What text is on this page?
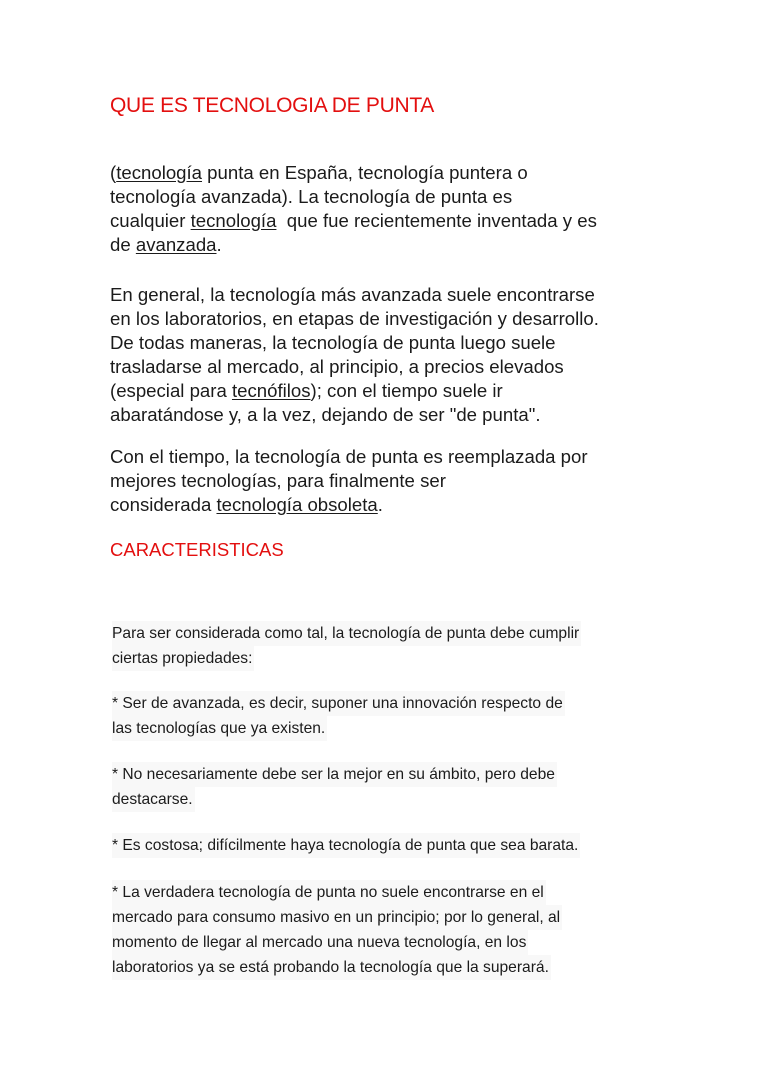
QUE ES TECNOLOGIA DE PUNTA

(tecnología punta en España, tecnología puntera o
tecnología avanzada). La tecnología de punta es
cualquier tecnología  que fue recientemente inventada y es
de avanzada.

En general, la tecnología más avanzada suele encontrarse
en los laboratorios, en etapas de investigación y desarrollo.
De todas maneras, la tecnología de punta luego suele
trasladarse al mercado, al principio, a precios elevados
(especial para tecnófilos); con el tiempo suele ir
abaratándose y, a la vez, dejando de ser "de punta".

Con el tiempo, la tecnología de punta es reemplazada por
mejores tecnologías, para finalmente ser
considerada tecnología obsoleta.

CARACTERISTICAS

Para ser considerada como tal, la tecnología de punta debe cumplir
ciertas propiedades:

* Ser de avanzada, es decir, suponer una innovación respecto de
las tecnologías que ya existen.

* No necesariamente debe ser la mejor en su ámbito, pero debe
destacarse.

* Es costosa; difícilmente haya tecnología de punta que sea barata.

* La verdadera tecnología de punta no suele encontrarse en el
mercado para consumo masivo en un principio; por lo general, al
momento de llegar al mercado una nueva tecnología, en los
laboratorios ya se está probando la tecnología que la superará.
